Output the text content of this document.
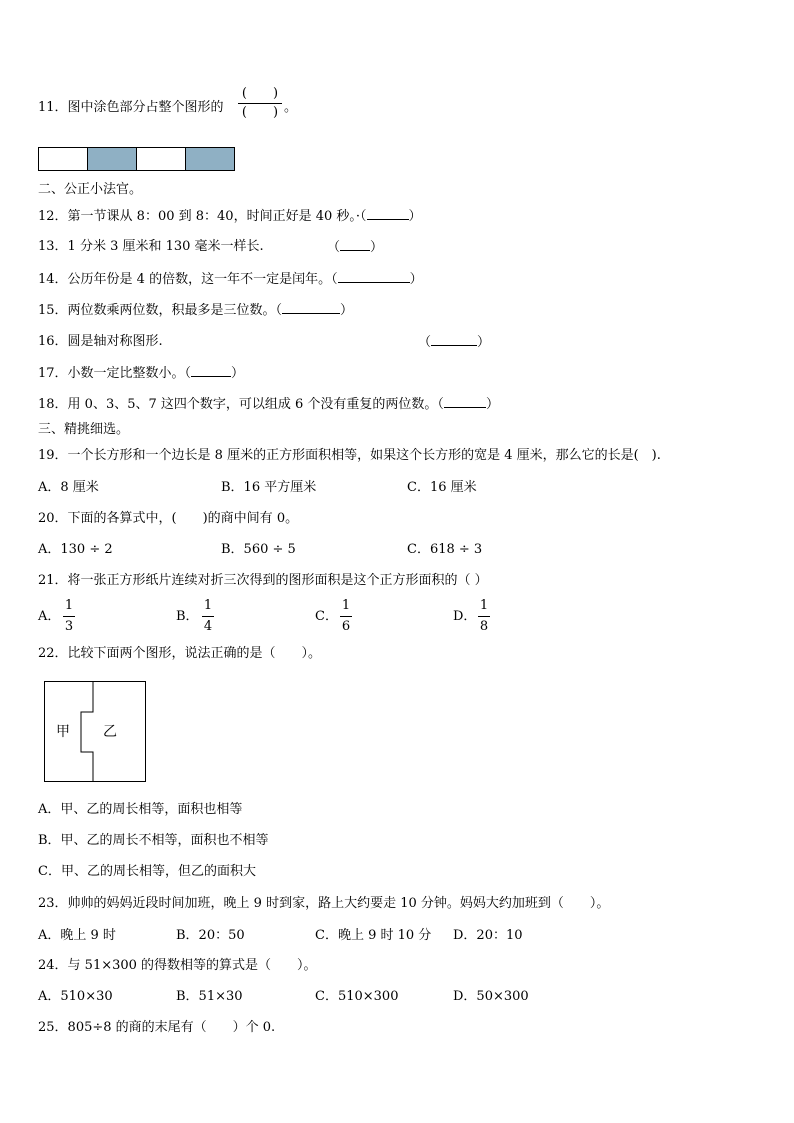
11．图中涂色部分占整个图形的
(　　)
(　　) 。
二、公正小法官。
12．第一节课从 8：00 到 8：40，时间正好是 40 秒。·（	）
13．1 分米 3 厘米和 130 毫米一样长.	（ ）
14．公历年份是 4 的倍数，这一年不一定是闰年。（	）
15．两位数乘两位数，积最多是三位数。（	）
16．圆是轴对称图形.	（	）
17．小数一定比整数小。（	）
18．用 0、3、5、7 这四个数字，可以组成 6 个没有重复的两位数。（	）
三、精挑细选。
19．一个长方形和一个边长是 8 厘米的正方形面积相等，如果这个长方形的宽是 4 厘米，那么它的长是(　).
A．8 厘米	B．16 平方厘米	C．16 厘米
20．下面的各算式中，(　　)的商中间有 0。
A．130 ÷ 2	B．560 ÷ 5	C．618 ÷ 3
21．将一张正方形纸片连续对折三次得到的图形面积是这个正方形面积的（ ）
A．
1
3
B．
1
4
C．
1
6
D．
1
8
22．比较下面两个图形，说法正确的是（　　）。
甲 乙
A．甲、乙的周长相等，面积也相等
B．甲、乙的周长不相等，面积也不相等
C．甲、乙的周长相等，但乙的面积大
23．帅帅的妈妈近段时间加班，晚上 9 时到家，路上大约要走 10 分钟。妈妈大约加班到（　　）。
A．晚上 9 时	B．20：50	C．晚上 9 时 10 分 D．20：10
24．与 51×300 的得数相等的算式是（　　）。
A．510×30	B．51×30	C．510×300	D．50×300
25．805÷8 的商的末尾有（　　）个 0.
